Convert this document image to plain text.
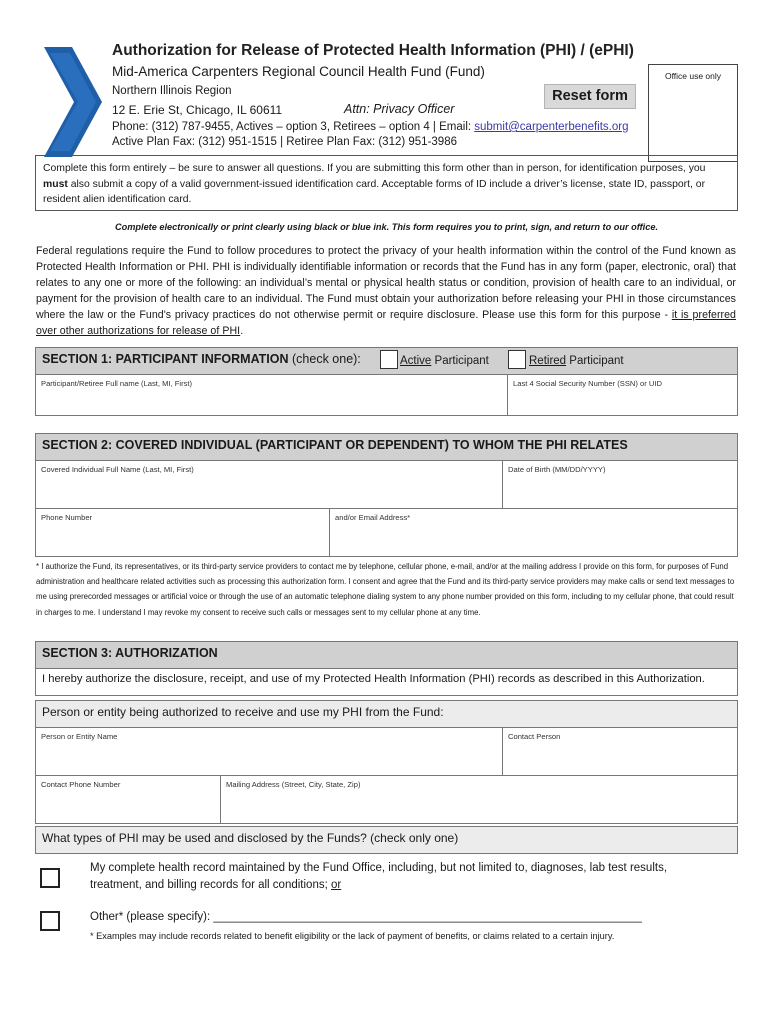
Authorization for Release of Protected Health Information (PHI) / (ePHI)
Mid-America Carpenters Regional Council Health Fund (Fund)
Northern Illinois Region
12 E. Erie St, Chicago, IL 60611	Attn: Privacy Officer
Phone: (312) 787-9455, Actives – option 3, Retirees – option 4 | Email: submit@carpenterbenefits.org
Active Plan Fax: (312) 951-1515 | Retiree Plan Fax: (312) 951-3986
Office use only
Reset form
Complete this form entirely – be sure to answer all questions. If you are submitting this form other than in person, for identification purposes, you must also submit a copy of a valid government-issued identification card. Acceptable forms of ID include a driver’s license, state ID, passport, or resident alien identification card.
Complete electronically or print clearly using black or blue ink. This form requires you to print, sign, and return to our office.
Federal regulations require the Fund to follow procedures to protect the privacy of your health information within the control of the Fund known as Protected Health Information or PHI. PHI is individually identifiable information or records that the Fund has in any form (paper, electronic, oral) that relates to any one or more of the following: an individual’s mental or physical health status or condition, provision of health care to an individual, or payment for the provision of health care to an individual. The Fund must obtain your authorization before releasing your PHI in those circumstances where the law or the Fund's privacy practices do not otherwise permit or require disclosure. Please use this form for this purpose - it is preferred over other authorizations for release of PHI.
SECTION 1: PARTICIPANT INFORMATION (check one):	Active Participant	Retired Participant
Participant/Retiree Full name (Last, MI, First)	Last 4 Social Security Number (SSN) or UID
SECTION 2: COVERED INDIVIDUAL (PARTICIPANT OR DEPENDENT) TO WHOM THE PHI RELATES
Covered Individual Full Name (Last, MI, First)	Date of Birth (MM/DD/YYYY)
Phone Number	and/or Email Address*
* I authorize the Fund, its representatives, or its third-party service providers to contact me by telephone, cellular phone, e-mail, and/or at the mailing address I provide on this form, for purposes of Fund administration and healthcare related activities such as processing this authorization form. I consent and agree that the Fund and its third-party service providers may make calls or send text messages to me using prerecorded messages or artificial voice or through the use of an automatic telephone dialing system to any phone number provided on this form, including to my cellular phone, that could result in charges to me. I understand I may revoke my consent to receive such calls or messages sent to my cellular phone at any time.
SECTION 3: AUTHORIZATION
I hereby authorize the disclosure, receipt, and use of my Protected Health Information (PHI) records as described in this Authorization.
Person or entity being authorized to receive and use my PHI from the Fund:
Person or Entity Name	Contact Person
Contact Phone Number	Mailing Address (Street, City, State, Zip)
What types of PHI may be used and disclosed by the Funds? (check only one)
My complete health record maintained by the Fund Office, including, but not limited to, diagnoses, lab test results, treatment, and billing records for all conditions; or
Other* (please specify): ___________________________________________________________________
* Examples may include records related to benefit eligibility or the lack of payment of benefits, or claims related to a certain injury.
